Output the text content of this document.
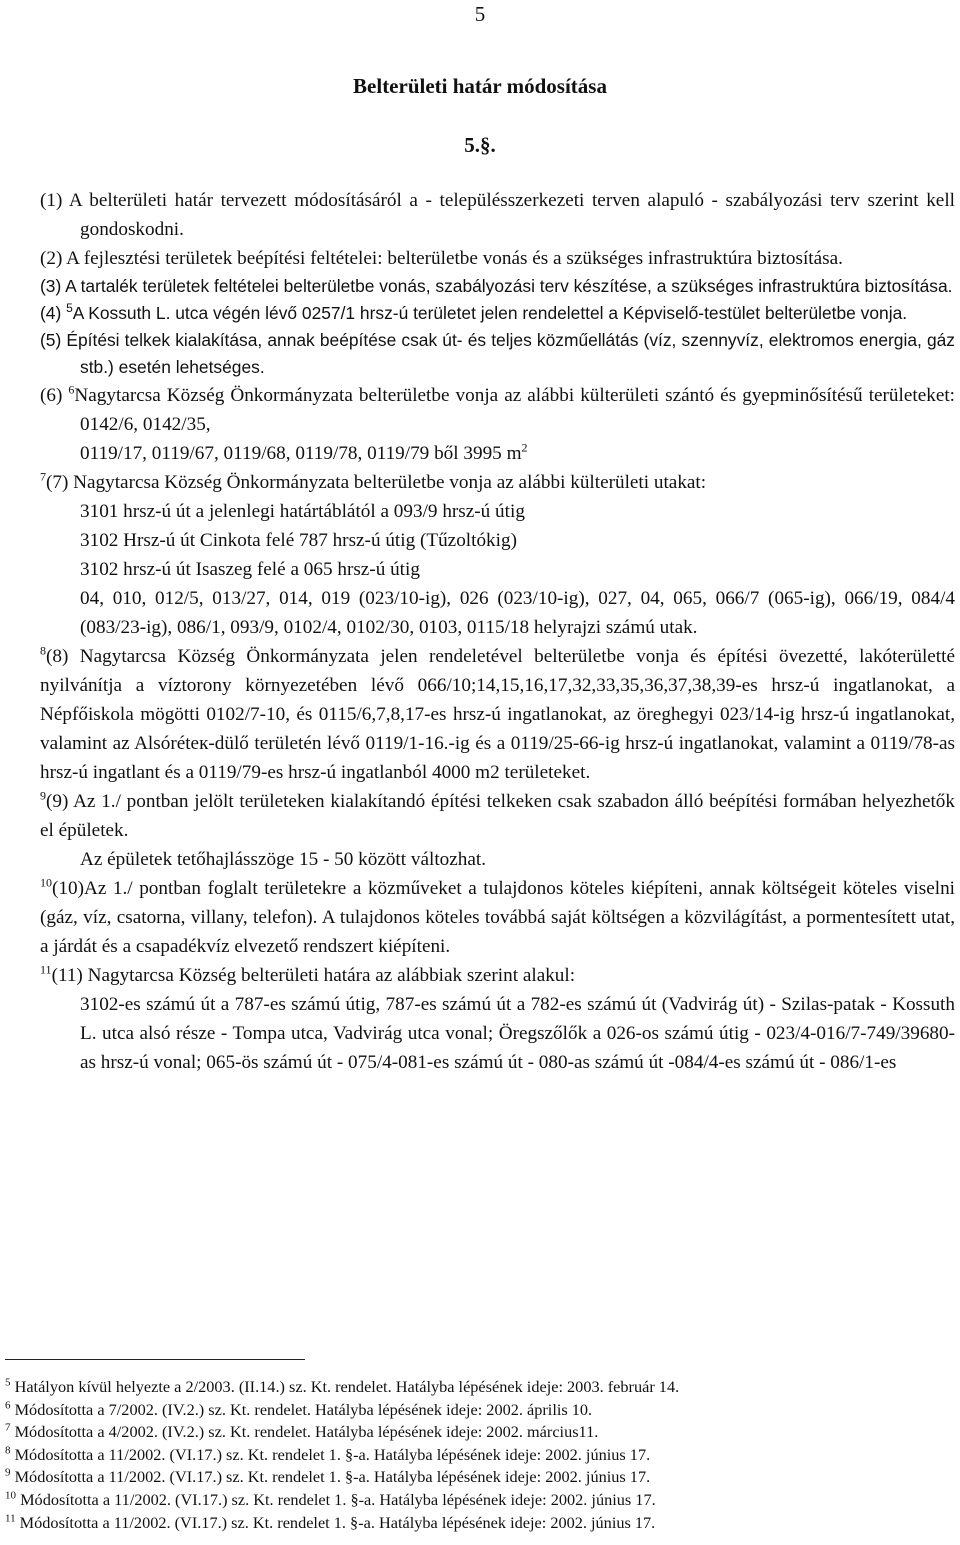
5
Belterületi határ módosítása
5.§.

(1) A belterületi határ tervezett módosításáról a - településszerkezeti terven alapuló - szabályozási terv szerint kell gondoskodni.

(2) A fejlesztési területek beépítési feltételei: belterületbe vonás és a szükséges infrastruktúra biztosítása.

(3) A tartalék területek feltételei belterületbe vonás, szabályozási terv készítése, a szükséges infrastruktúra biztosítása.

(4) $^5$A Kossuth L. utca végén lévő 0257/1 hrsz-ú területet jelen rendelettel a Képviselő-testület belterületbe vonja.

(5) Építési telkek kialakítása, annak beépítése csak út- és teljes közműellátás (víz, szennyvíz, elektromos energia, gáz stb.) esetén lehetséges.

(6) $^6$Nagytarcsa Község Önkormányzata belterületbe vonja az alábbi külterületi szántó és gyepminősítésű területeket: 0142/6, 0142/35,

0119/17, 0119/67, 0119/68, 0119/78, 0119/79 ből 3995 $m^2$

$^7$(7) Nagytarcsa Község Önkormányzata belterületbe vonja az alábbi külterületi utakat:

3101 hrsz-ú út a jelenlegi határtáblától a 093/9 hrsz-ú útig

3102 Hrsz-ú út Cinkota felé 787 hrsz-ú útig (Tűzoltókig)

3102 hrsz-ú út Isaszeg felé a 065 hrsz-ú útig

04, 010, 012/5, 013/27, 014, 019 (023/10-ig), 026 (023/10-ig), 027, 04, 065, 066/7 (065-ig), 066/19, 084/4 (083/23-ig), 086/1, 093/9, 0102/4, 0102/30, 0103, 0115/18 helyrajzi számú utak.

$^8$(8) Nagytarcsa Község Önkormányzata jelen rendeletével belterületbe vonja és építési övezetté, lakóterületté nyilvánítja a víztorony környezetében lévő 066/10;14,15,16,17,32,33,35,36,37,38,39-es hrsz-ú ingatlanokat, a Népfőiskola mögötti 0102/7-10, és 0115/6,7,8,17-es hrsz-ú ingatlanokat, az öreghegyi 023/14-ig hrsz-ú ingatlanokat, valamint az Alsóréteк-dülő területén lévő 0119/1-16.-ig és a 0119/25-66-ig hrsz-ú ingatlanokat, valamint a 0119/78-as hrsz-ú ingatlant és a 0119/79-es hrsz-ú ingatlanból 4000 m2 területeket.

$^9$(9) Az 1./ pontban jelölt területeken kialakítandó építési telkeken csak szabadon álló beépítési formában helyezhetők el épületek.

Az épületek tetőhajlásszöge 15 - 50 között változhat.

$^{10}$(10)Az 1./ pontban foglalt területekre a közműveket a tulajdonos köteles kiépíteni, annak költségeit köteles viselni (gáz, víz, csatorna, villany, telefon). A tulajdonos köteles továbbá saját költségen a közvilágítást, a pormentesített utat, a járdát és a csapadékvíz elvezető rendszert kiépíteni.

$^{11}$(11) Nagytarcsa Község belterületi határa az alábbiak szerint alakul:

3102-es számú út a 787-es számú útig, 787-es számú út a 782-es számú út (Vadvirág út) - Szilas-patak - Kossuth L. utca alsó része - Tompa utca, Vadvirág utca vonal; Öregszőlők a 026-os számú útig - 023/4-016/7-749/39680-as hrsz-ú vonal; 065-ös számú út - 075/4-081-es számú út - 080-as számú út -084/4-es számú út - 086/1-es

$^5$ Hatályon kívül helyezte a 2/2003. (II.14.) sz. Kt. rendelet. Hatályba lépésének ideje: 2003. február 14.

$^6$ Módosította a 7/2002. (IV.2.) sz. Kt. rendelet. Hatályba lépésének ideje: 2002. április 10.

$^7$ Módosította a 4/2002. (IV.2.) sz. Kt. rendelet. Hatályba lépésének ideje: 2002. március11.

$^8$ Módosította a 11/2002. (VI.17.) sz. Kt. rendelet 1. §-a. Hatályba lépésének ideje: 2002. június 17.

$^9$ Módosította a 11/2002. (VI.17.) sz. Kt. rendelet 1. §-a. Hatályba lépésének ideje: 2002. június 17.

$^{10}$ Módosította a 11/2002. (VI.17.) sz. Kt. rendelet 1. §-a. Hatályba lépésének ideje: 2002. június 17.

$^{11}$ Módosította a 11/2002. (VI.17.) sz. Kt. rendelet 1. §-a. Hatályba lépésének ideje: 2002. június 17.
